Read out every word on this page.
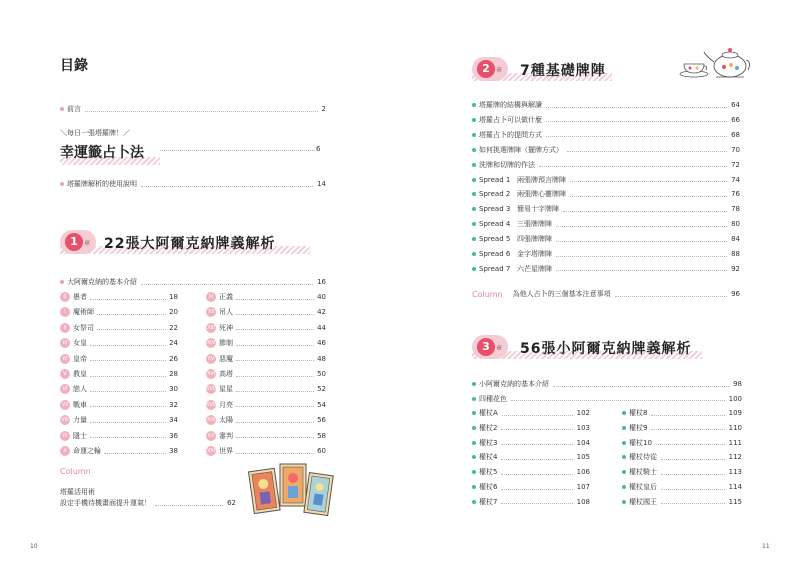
目錄
前言	2
＼每日一張塔羅牌！／
幸運籤占卜法	6
塔羅牌解析的使用說明	14
1	章 22張大阿爾克納牌義解析
大阿爾克納的基本介紹	16
0 愚者	18
I	魔術師	20
II 女祭司	22
III 女皇	24
IV 皇帝	26
V 教皇	28
VI 戀人	30
VII 戰車	32
VIII 力量	34
IX 隱士	36
X 命運之輪	38
XI 正義	40
XII 吊人	42
XIII 死神	44
XIV 節制	46
XV 惡魔	48
XVI 高塔	50
XVII 星星	52
XVIII 月亮	54
XIX 太陽	56
XX 審判	58
XXI 世界	60
Column
塔羅活用術
設定手機待機畫面提升運氣！	62
10
2	章 7種基礎牌陣
塔羅牌的結構與解讀	64
塔羅占卜可以做什麼	66
塔羅占卜的提問方式	68
如何挑選牌陣（擺牌方式）	70
洗牌和切牌的作法	72
Spread 1 兩張牌預言牌陣	74
Spread 2 兩張牌心靈牌陣	76
Spread 3 簡易十字牌陣	78
Spread 4 三張牌牌陣	80
Spread 5 四張牌牌陣	84
Spread 6 金字塔牌陣	88
Spread 7 六芒星牌陣	92
Column 為他人占卜的三個基本注意事項	96
3	章 56張小阿爾克納牌義解析
小阿爾克納的基本介紹	98
四種花色	100
權杖A	102
權杖2	103
權杖3	104
權杖4	105
權杖5	106
權杖6	107
權杖7	108
權杖8	109
權杖9	110
權杖10	111
權杖侍從	112
權杖騎士	113
權杖皇后	114
權杖國王	115
11
